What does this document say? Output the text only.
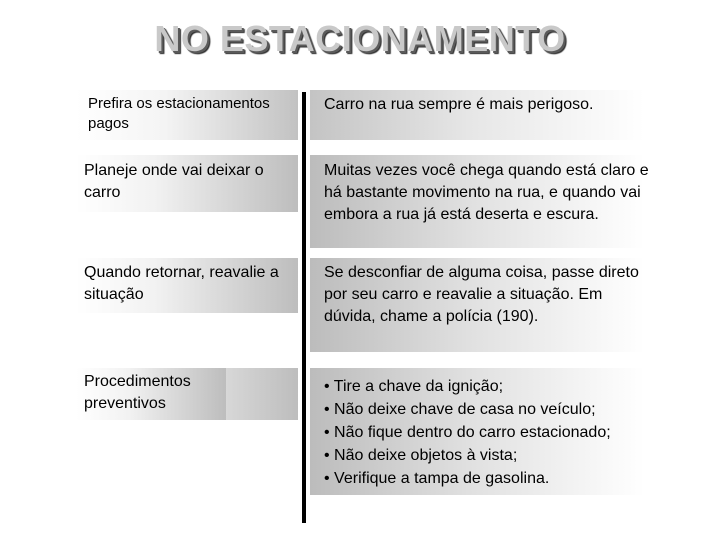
NO ESTACIONAMENTO
Prefira os estacionamentos pagos
Carro na rua sempre é mais perigoso.
Planeje onde vai deixar o carro
Muitas vezes você chega quando está claro e há bastante movimento na rua, e quando vai embora a rua já está deserta e escura.
Quando retornar, reavalie a situação
Se desconfiar de alguma coisa, passe direto por seu carro e reavalie a situação. Em dúvida, chame a polícia (190).
Procedimentos preventivos
• Tire a chave da ignição;
• Não deixe chave de casa no veículo;
• Não fique dentro do carro estacionado;
• Não deixe objetos à vista;
• Verifique a tampa de gasolina.
